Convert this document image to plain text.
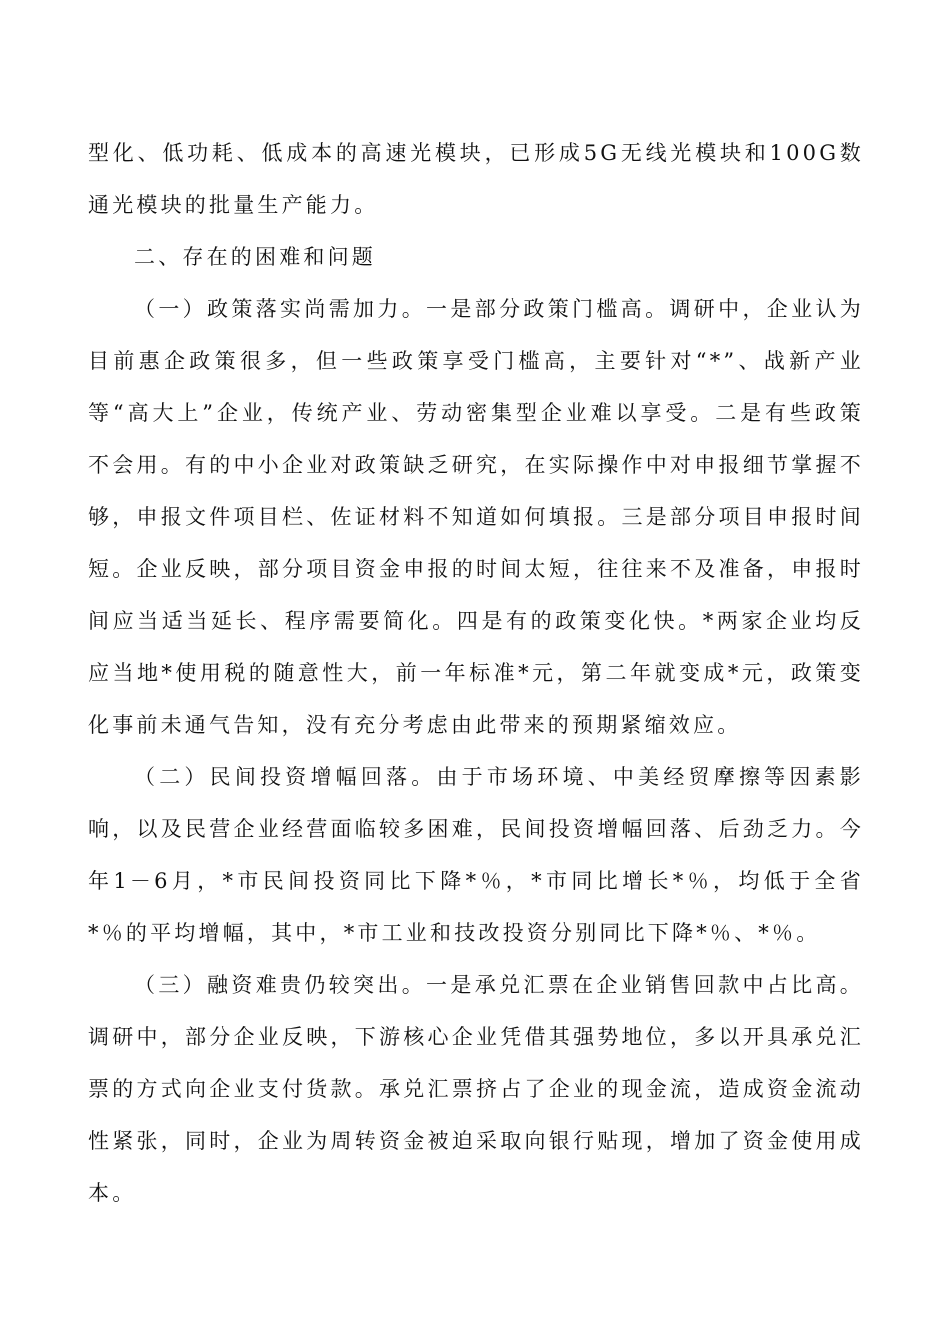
型化、低功耗、低成本的高速光模块，已形成5G无线光模块和100G数通光模块的批量生产能力。

二、存在的困难和问题

（一）政策落实尚需加力。一是部分政策门槛高。调研中，企业认为目前惠企政策很多，但一些政策享受门槛高，主要针对“*”、战新产业等“高大上”企业，传统产业、劳动密集型企业难以享受。二是有些政策不会用。有的中小企业对政策缺乏研究，在实际操作中对申报细节掌握不够，申报文件项目栏、佐证材料不知道如何填报。三是部分项目申报时间短。企业反映，部分项目资金申报的时间太短，往往来不及准备，申报时间应当适当延长、程序需要简化。四是有的政策变化快。*两家企业均反应当地*使用税的随意性大，前一年标准*元，第二年就变成*元，政策变化事前未通气告知，没有充分考虑由此带来的预期紧缩效应。

（二）民间投资增幅回落。由于市场环境、中美经贸摩擦等因素影响，以及民营企业经营面临较多困难，民间投资增幅回落、后劲乏力。今年1－6月，*市民间投资同比下降*％，*市同比增长*％，均低于全省*％的平均增幅，其中，*市工业和技改投资分别同比下降*％、*％。

（三）融资难贵仍较突出。一是承兑汇票在企业销售回款中占比高。调研中，部分企业反映，下游核心企业凭借其强势地位，多以开具承兑汇票的方式向企业支付货款。承兑汇票挤占了企业的现金流，造成资金流动性紧张，同时，企业为周转资金被迫采取向银行贴现，增加了资金使用成本。
